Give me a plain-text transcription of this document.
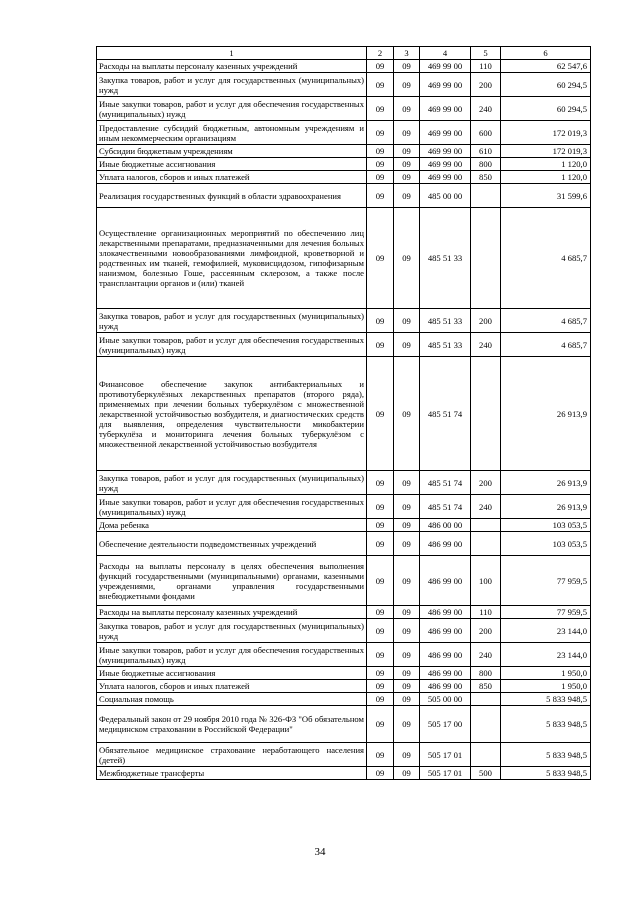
1	2	3	4	5	6
Расходы на выплаты персоналу казенных учреждений	09	09	469 99 00	110	62 547,6
Закупка товаров, работ и услуг для государственных (муниципальных) нужд	09	09	469 99 00	200	60 294,5
Иные закупки товаров, работ и услуг для обеспечения государственных (муниципальных) нужд	09	09	469 99 00	240	60 294,5
Предоставление субсидий бюджетным, автономным учреждениям и иным некоммерческим организациям	09	09	469 99 00	600	172 019,3
Субсидии бюджетным учреждениям	09	09	469 99 00	610	172 019,3
Иные бюджетные ассигнования	09	09	469 99 00	800	1 120,0
Уплата налогов, сборов и иных платежей	09	09	469 99 00	850	1 120,0
Реализация государственных функций в области здравоохранения	09	09	485 00 00		31 599,6
Осуществление организационных мероприятий по обеспечению лиц лекарственными препаратами, предназначенными для лечения больных злокачественными новообразованиями лимфоидной, кроветворной и родственных им тканей, гемофилией, муковисцидозом, гипофизарным нанизмом, болезнью Гоше, рассеянным склерозом, а также после трансплантации органов и (или) тканей	09	09	485 51 33		4 685,7
Закупка товаров, работ и услуг для государственных (муниципальных) нужд	09	09	485 51 33	200	4 685,7
Иные закупки товаров, работ и услуг для обеспечения государственных (муниципальных) нужд	09	09	485 51 33	240	4 685,7
Финансовое обеспечение закупок антибактериальных и противотуберкулёзных лекарственных препаратов (второго ряда), применяемых при лечении больных туберкулёзом с множественной лекарственной устойчивостью возбудителя, и диагностических средств для выявления, определения чувствительности микобактерии туберкулёза и мониторинга лечения больных туберкулёзом с множественной лекарственной устойчивостью возбудителя	09	09	485 51 74		26 913,9
Закупка товаров, работ и услуг для государственных (муниципальных) нужд	09	09	485 51 74	200	26 913,9
Иные закупки товаров, работ и услуг для обеспечения государственных (муниципальных) нужд	09	09	485 51 74	240	26 913,9
Дома ребенка	09	09	486 00 00		103 053,5
Обеспечение деятельности подведомственных учреждений	09	09	486 99 00		103 053,5
Расходы на выплаты персоналу в целях обеспечения выполнения функций государственными (муниципальными) органами, казенными учреждениями, органами управления государственными внебюджетными фондами	09	09	486 99 00	100	77 959,5
Расходы на выплаты персоналу казенных учреждений	09	09	486 99 00	110	77 959,5
Закупка товаров, работ и услуг для государственных (муниципальных) нужд	09	09	486 99 00	200	23 144,0
Иные закупки товаров, работ и услуг для обеспечения государственных (муниципальных) нужд	09	09	486 99 00	240	23 144,0
Иные бюджетные ассигнования	09	09	486 99 00	800	1 950,0
Уплата налогов, сборов и иных платежей	09	09	486 99 00	850	1 950,0
Социальная помощь	09	09	505 00 00		5 833 948,5
Федеральный закон от 29 ноября 2010 года № 326-ФЗ "Об обязательном медицинском страховании в Российской Федерации"	09	09	505 17 00		5 833 948,5
Обязательное медицинское страхование неработающего населения (детей)	09	09	505 17 01		5 833 948,5
Межбюджетные трансферты	09	09	505 17 01	500	5 833 948,5
34
